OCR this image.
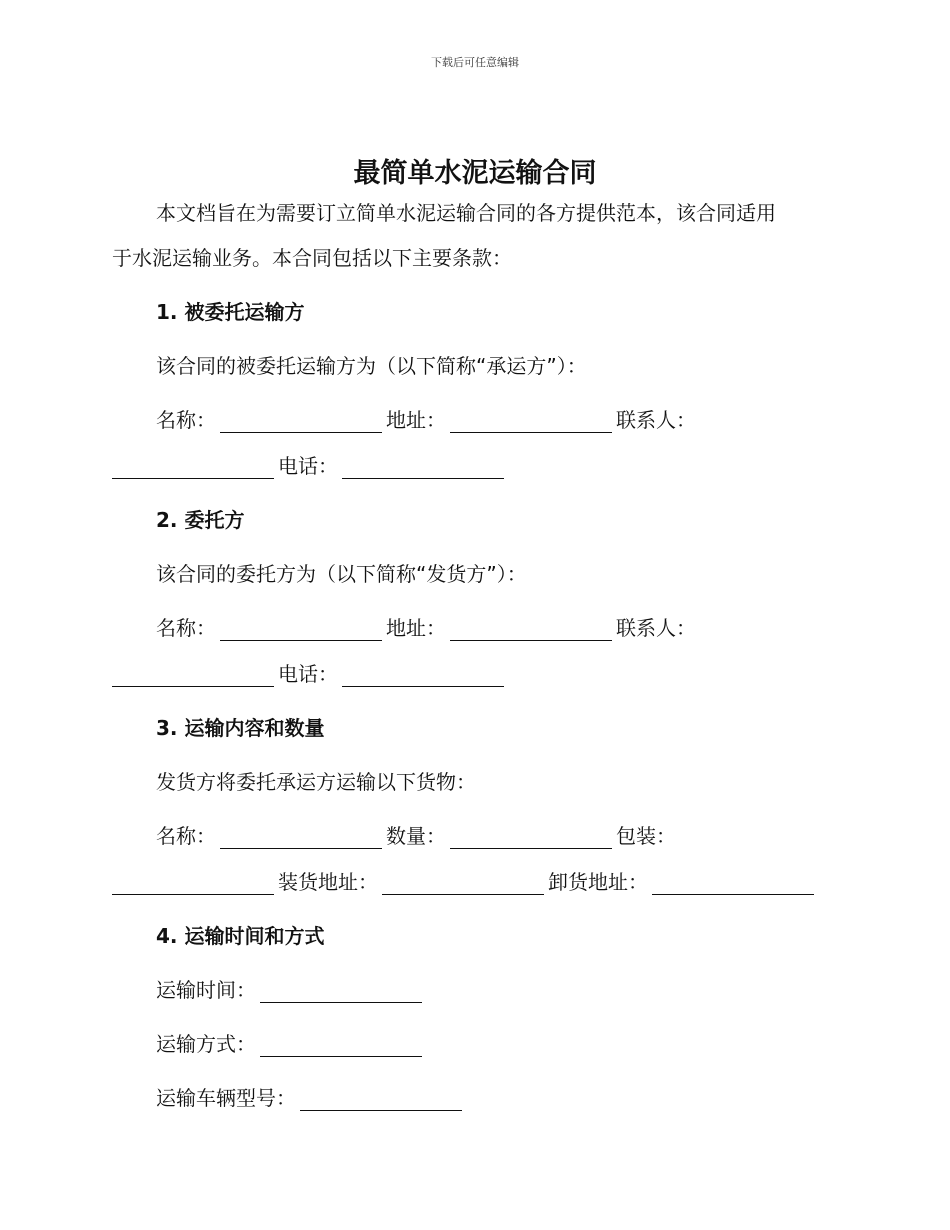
下载后可任意编辑
最简单水泥运输合同
本文档旨在为需要订立简单水泥运输合同的各方提供范本，该合同适用
于水泥运输业务。本合同包括以下主要条款：
1. 被委托运输方
该合同的被委托运输方为（以下简称“承运方”）：
名称：	地址：	联系人：
电话：
2. 委托方
该合同的委托方为（以下简称“发货方”）：
名称：	地址：	联系人：
电话：
3. 运输内容和数量
发货方将委托承运方运输以下货物：
名称：	数量：	包装：
装货地址：	卸货地址：
4. 运输时间和方式
运输时间：
运输方式：
运输车辆型号：
